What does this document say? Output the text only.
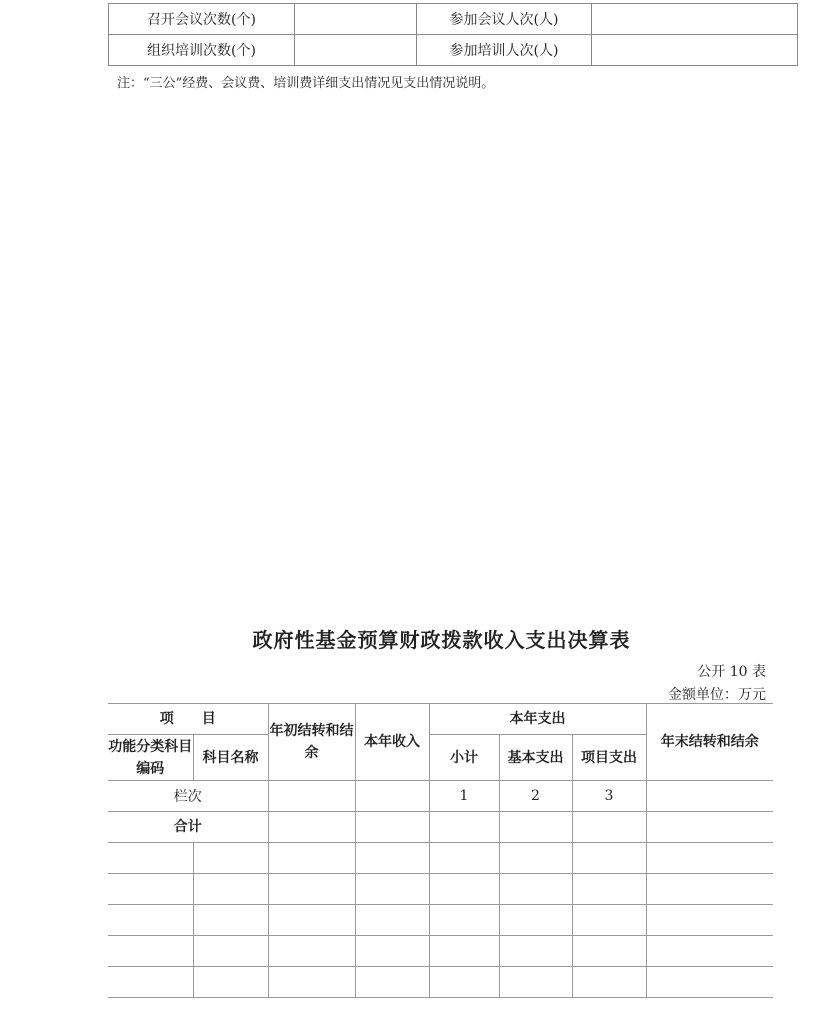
召开会议次数(个)		参加会议人次(人)	
组织培训次数(个)		参加培训人次(人)	

注：“三公”经费、会议费、培训费详细支出情况见支出情况说明。

政府性基金预算财政拨款收入支出决算表

公开 10 表

金额单位：万元

项　　目		年初结转和结余	本年收入	本年支出			年末结转和结余
功能分类科目编码	科目名称			小计	基本支出	项目支出	
栏次				1	2	3	
合计							
